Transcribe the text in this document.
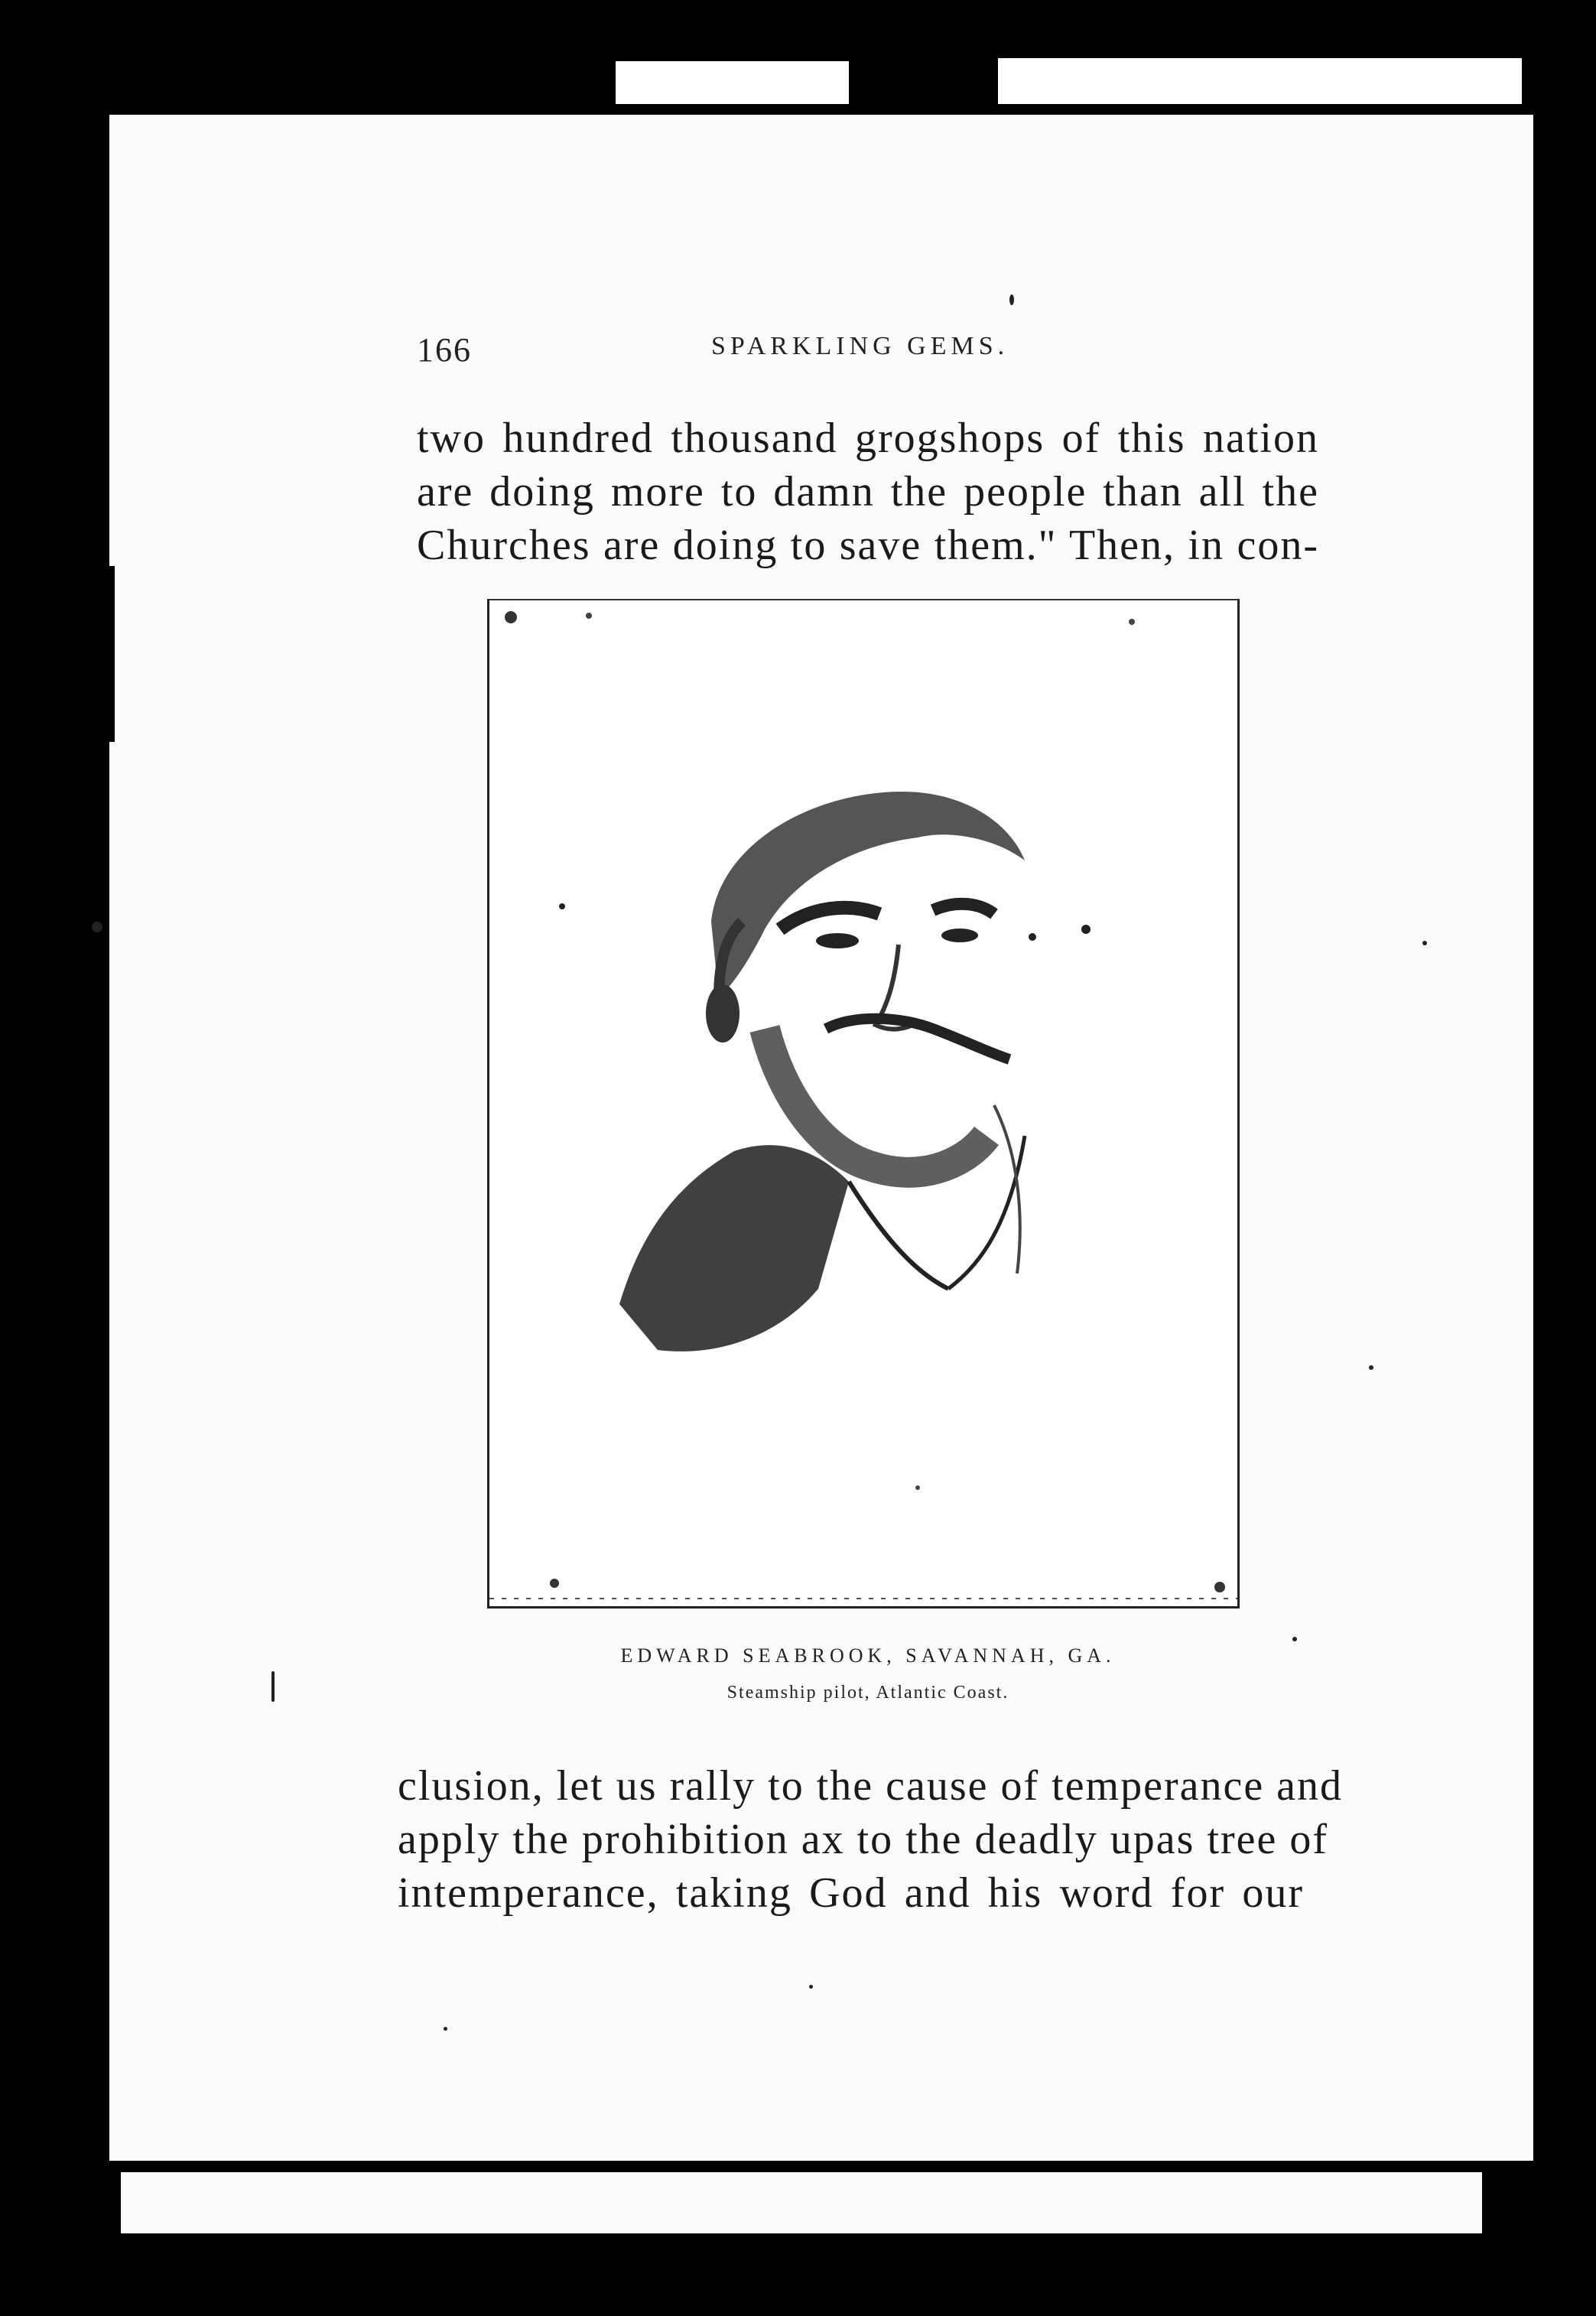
166	SPARKLING GEMS.
two hundred thousand grogshops of this nation
are doing more to damn the people than all the
Churches are doing to save them." Then, in con-
EDWARD SEABROOK, SAVANNAH, GA.
Steamship pilot, Atlantic Coast.
clusion, let us rally to the cause of temperance and
apply the prohibition ax to the deadly upas tree of
intemperance, taking God and his word for our
